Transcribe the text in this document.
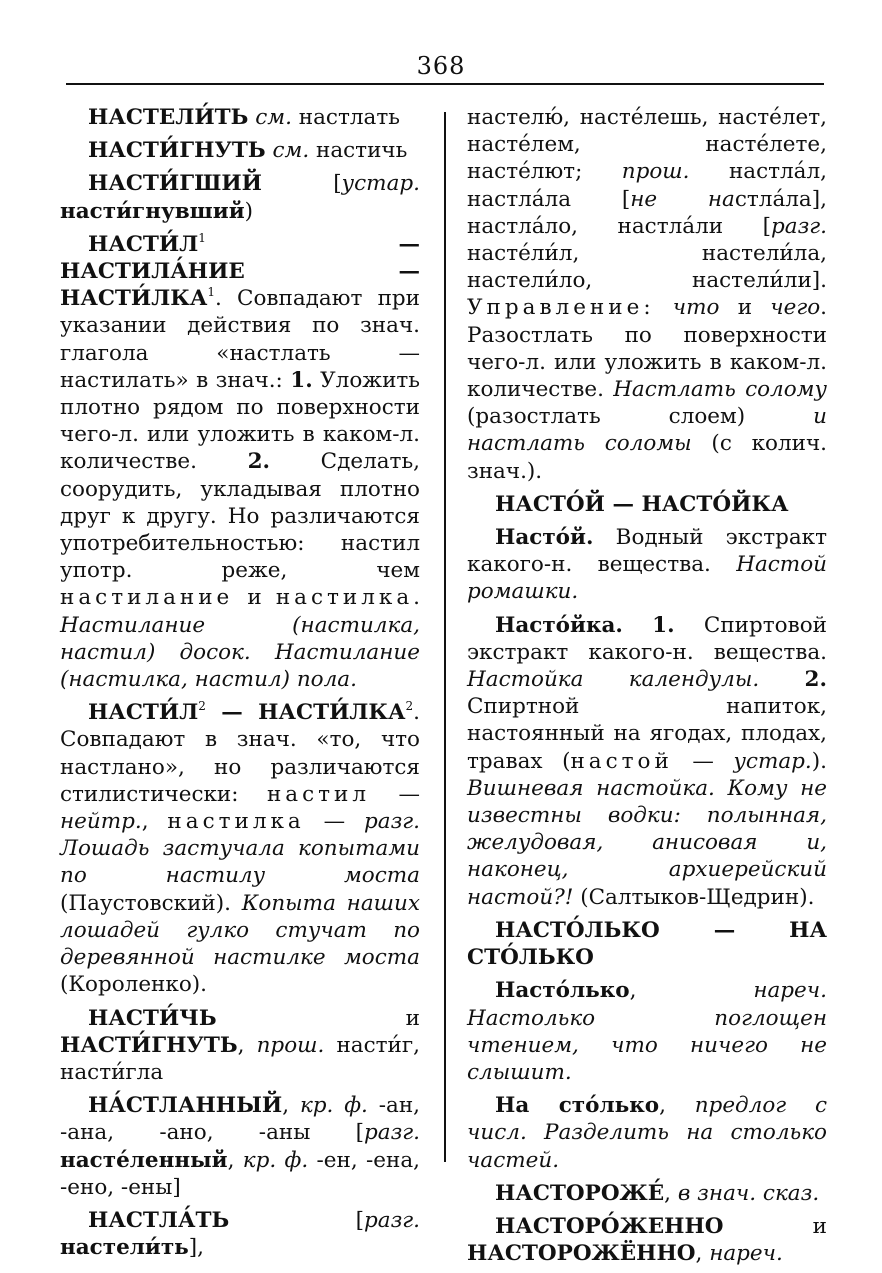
368

НАСТЕЛИ́ТЬ см. настлать

НАСТИ́ГНУТЬ см. настичь

НАСТИ́ГШИЙ [устар. насти́гнувший)

$НАСТИ́Л^1$ — НАСТИЛА́НИЕ — НАСТИ́ЛКА$^1$. Совпадают при указании действия по знач. глагола «настлать — настилать» в знач.: 1. Уложить плотно рядом по поверхности чего-л. или уложить в каком-л. количестве. 2. Сделать, соорудить, укладывая плотно друг к другу. Но различаются употребительностью: настил употр. реже, чем настилание и настилка. Настилание (настилка, настил) досок. Настилание (настилка, настил) пола.

$НАСТИ́Л^2$ — НАСТИ́ЛКА$^2$. Совпадают в знач. «то, что настлано», но различаются стилистически: настил — нейтр., настилка — разг. Лошадь застучала копытами по настилу моста (Паустовский). Копыта наших лошадей гулко стучат по деревянной настилке моста (Короленко).

НАСТИ́ЧЬ и НАСТИ́ГНУТЬ, прош. насти́г, насти́гла

НА́СТЛАННЫЙ, кр. ф. -ан, -ана, -ано, -аны [разг. насте́ленный, кр. ф. -ен, -ена, -ено, -ены]

НАСТЛА́ТЬ [разг. настели́ть],

настелю́, насте́лешь, насте́лет, насте́лем, насте́лете, насте́лют; прош. настла́л, настла́ла [не настла́ла], настла́ло, настла́ли [разг. насте́ли́л, настели́ла, настели́ло, настели́ли]. Управление: что и чего. Разостлать по поверхности чего-л. или уложить в каком-л. количестве. Настлать солому (разостлать слоем) и настлать соломы (с колич. знач.).

НАСТО́Й — НАСТО́ЙКА

Насто́й. Водный экстракт какого-н. вещества. Настой ромашки.

Насто́йка. 1. Спиртовой экстракт какого-н. вещества. Настойка календулы. 2. Спиртной напиток, настоянный на ягодах, плодах, травах (настой — устар.). Вишневая настойка. Кому не известны водки: полынная, желудовая, анисовая и, наконец, архиерейский настой?! (Салтыков-Щедрин).

НАСТО́ЛЬКО — НА СТО́ЛЬКО

Насто́лько, нареч. Настолько поглощен чтением, что ничего не слышит.

На сто́лько, предлог с числ. Разделить на столько частей.

НАСТОРОЖЕ́, в знач. сказ.

НАСТОРО́ЖЕННО и НАСТОРОЖЁННО, нареч.
